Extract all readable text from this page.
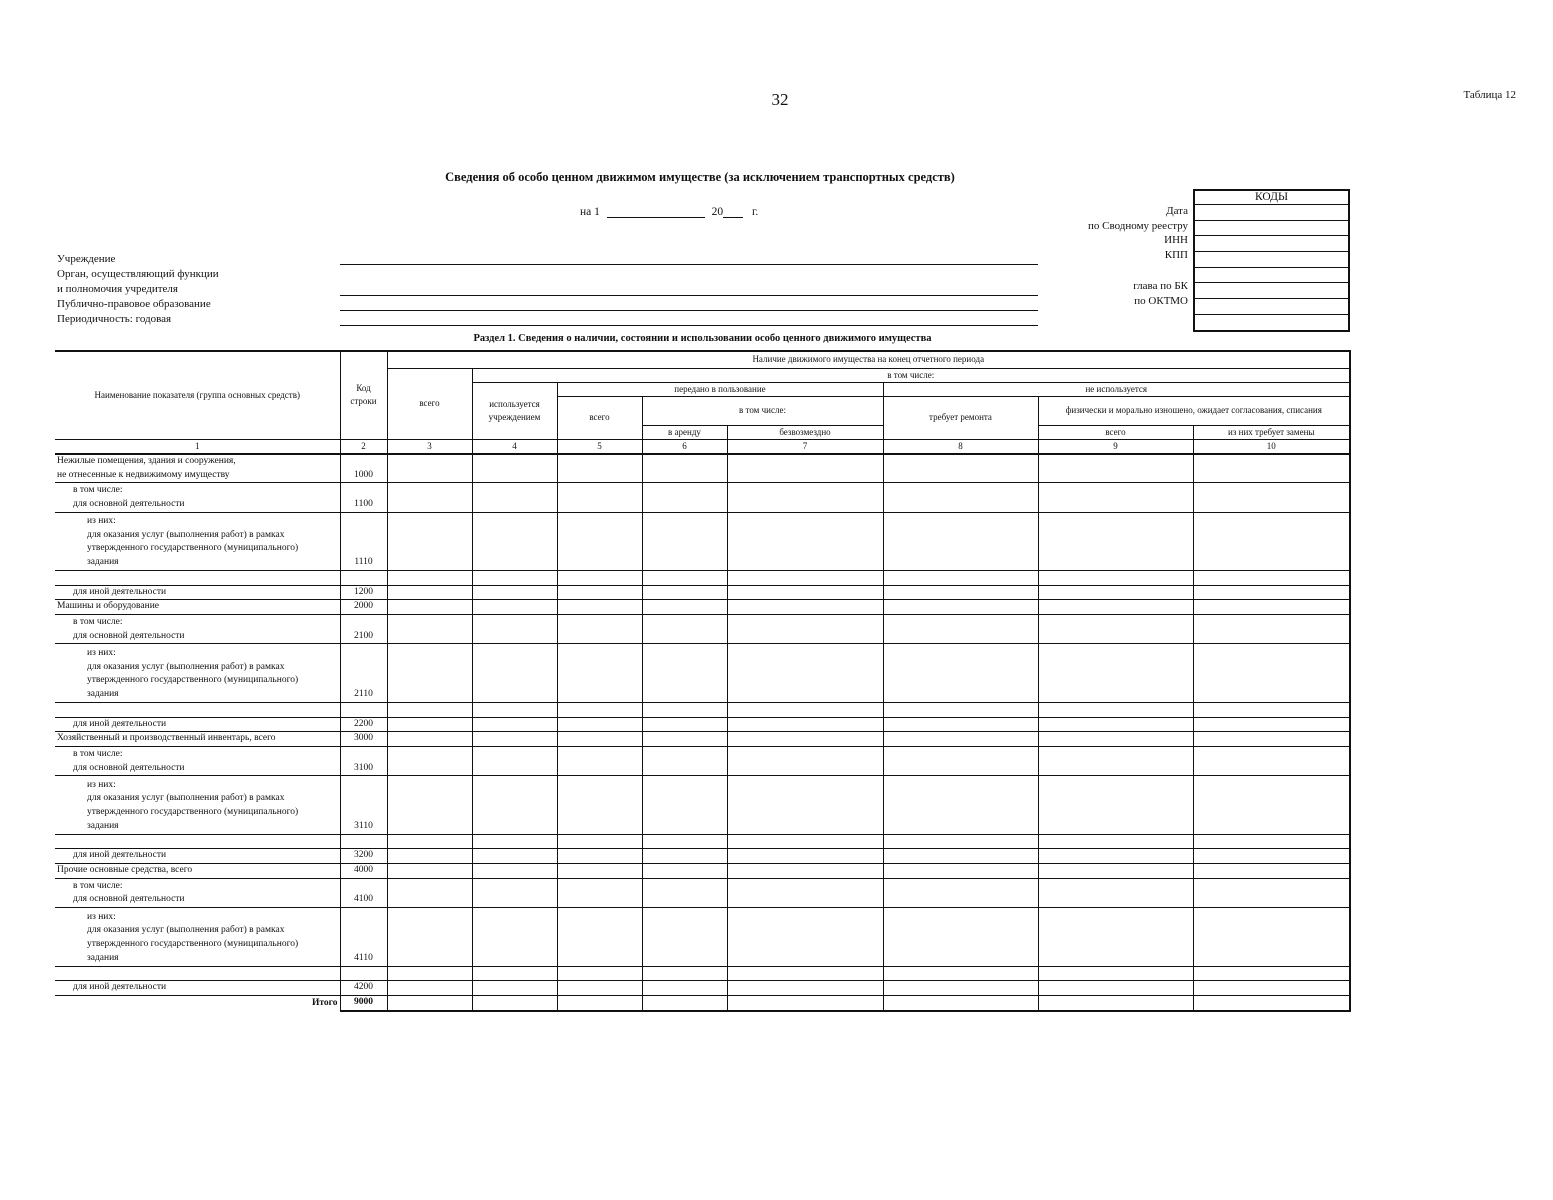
32	Таблица 12
Сведения об особо ценном движимом имуществе (за исключением транспортных средств)
на 1	20	г.
КОДЫ
Дата
по Сводному реестру
ИНН
КПП
глава по БК
по ОКТМО
Учреждение
Орган, осуществляющий функции
и полномочия учредителя
Публично-правовое образование
Периодичность: годовая
Раздел 1. Сведения о наличии, состоянии и использовании особо ценного движимого имущества
Наименование показателя (группа основных средств)	Код строки	Наличие движимого имущества на конец отчетного периода							
		всего	в том числе:						
			используется учреждением	передано в пользование			не используется		
				всего	в том числе:		требует ремонта	физически и морально изношено, ожидает согласования, списания	
					в аренду	безвозмездно		всего	из них требует замены
1	2	3	4	5	6	7	8	9	10

Нежилые помещения, здания и сооружения,
не отнесенные к недвижимому имуществу	1000								

в том числе:
для основной деятельности	1100								

из них:
для оказания услуг (выполнения работ) в рамках
утвержденного государственного (муниципального)
задания	1110								

для иной деятельности	1200								

Машины и оборудование	2000								

в том числе:
для основной деятельности	2100								

из них:
для оказания услуг (выполнения работ) в рамках
утвержденного государственного (муниципального)
задания	2110								

для иной деятельности	2200								

Хозяйственный и производственный инвентарь, всего	3000								

в том числе:
для основной деятельности	3100								

из них:
для оказания услуг (выполнения работ) в рамках
утвержденного государственного (муниципального)
задания	3110								

для иной деятельности	3200								

Прочие основные средства, всего	4000								

в том числе:
для основной деятельности	4100								

из них:
для оказания услуг (выполнения работ) в рамках
утвержденного государственного (муниципального)
задания	4110								

для иной деятельности	4200								
Итого	9000								
